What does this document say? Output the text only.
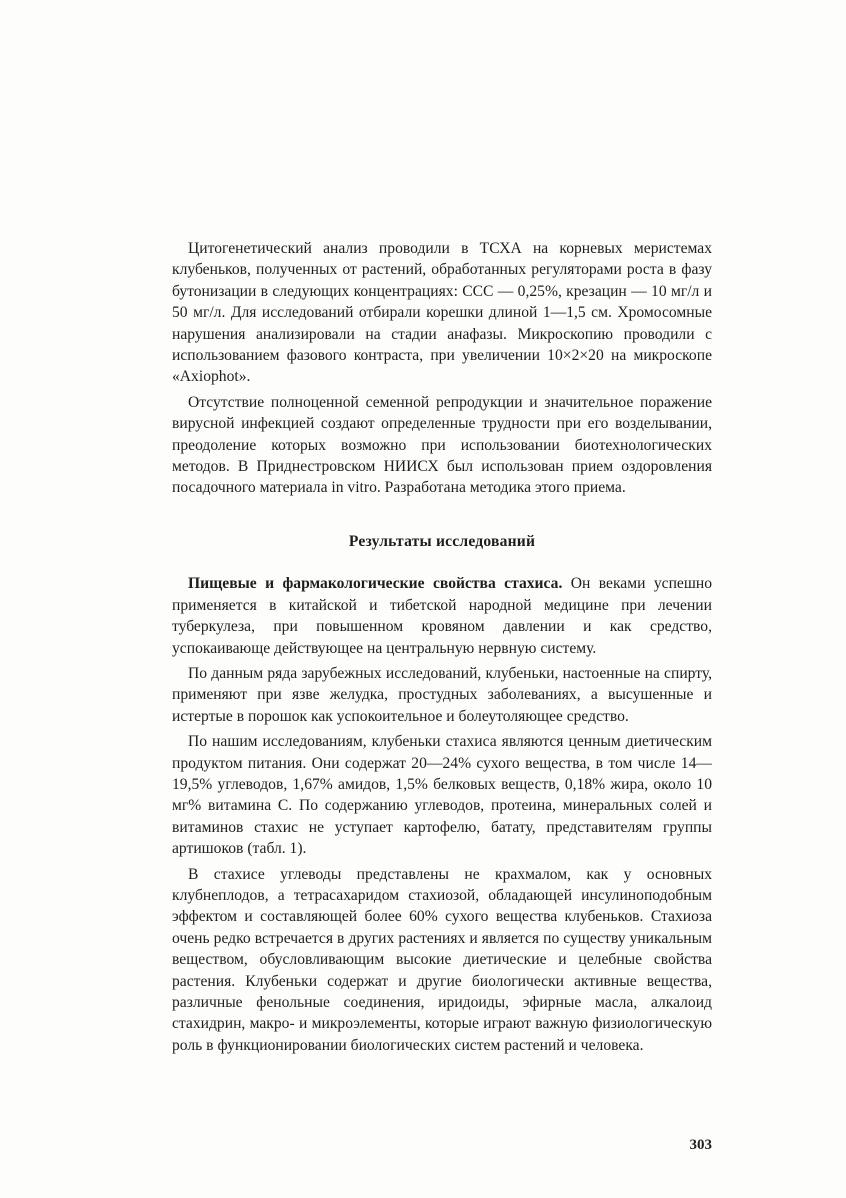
Цитогенетический анализ проводили в ТСХА на корневых меристемах клубеньков, полученных от растений, обработанных регуляторами роста в фазу бутонизации в следующих концентрациях: ССС — 0,25%, крезацин — 10 мг/л и 50 мг/л. Для исследований отбирали корешки длиной 1—1,5 см. Хромосомные нарушения анализировали на стадии анафазы. Микроскопию проводили с использованием фазового контраста, при увеличении 10×2×20 на микроскопе «Axiophot».

Отсутствие полноценной семенной репродукции и значительное поражение вирусной инфекцией создают определенные трудности при его возделывании, преодоление которых возможно при использовании биотехнологических методов. В Приднестровском НИИСХ был использован прием оздоровления посадочного материала in vitro. Разработана методика этого приема.

Результаты исследований

Пищевые и фармакологические свойства стахиса. Он веками успешно применяется в китайской и тибетской народной медицине при лечении туберкулеза, при повышенном кровяном давлении и как средство, успокаивающе действующее на центральную нервную систему.

По данным ряда зарубежных исследований, клубеньки, настоенные на спирту, применяют при язве желудка, простудных заболеваниях, а высушенные и истертые в порошок как успокоительное и болеутоляющее средство.

По нашим исследованиям, клубеньки стахиса являются ценным диетическим продуктом питания. Они содержат 20—24% сухого вещества, в том числе 14—19,5% углеводов, 1,67% амидов, 1,5% белковых веществ, 0,18% жира, около 10 мг% витамина С. По содержанию углеводов, протеина, минеральных солей и витаминов стахис не уступает картофелю, батату, представителям группы артишоков (табл. 1).

В стахисе углеводы представлены не крахмалом, как у основных клубнеплодов, а тетрасахаридом стахиозой, обладающей инсулиноподобным эффектом и составляющей более 60% сухого вещества клубеньков. Стахиоза очень редко встречается в других растениях и является по существу уникальным веществом, обусловливающим высокие диетические и целебные свойства растения. Клубеньки содержат и другие биологически активные вещества, различные фенольные соединения, иридоиды, эфирные масла, алкалоид стахидрин, макро- и микроэлементы, которые играют важную физиологическую роль в функционировании биологических систем растений и человека.

303
